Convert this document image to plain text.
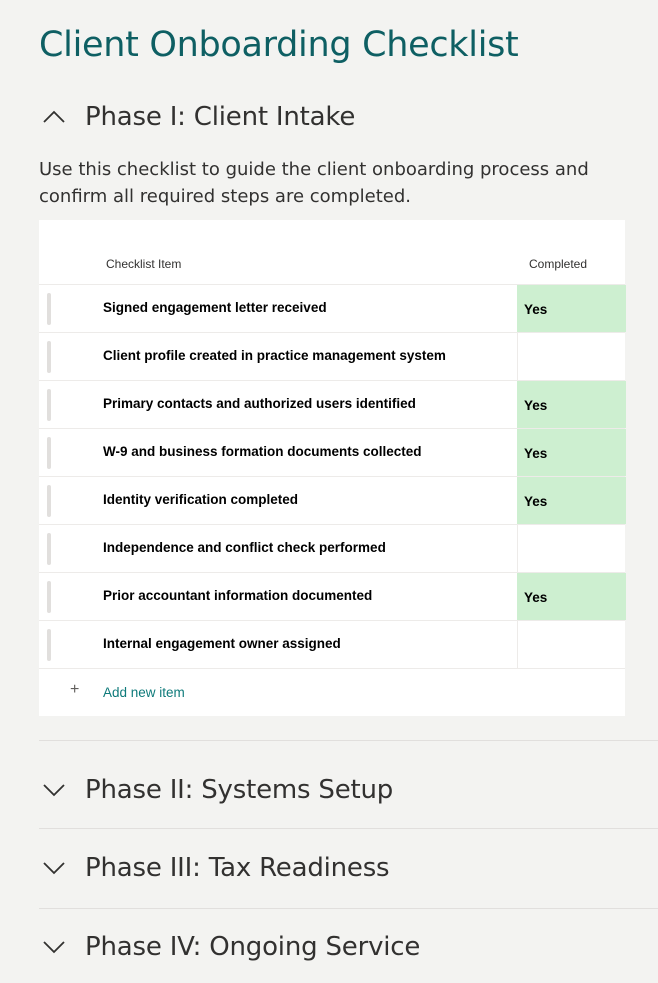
Client Onboarding Checklist
Phase I: Client Intake

Use this checklist to guide the client onboarding process and confirm all required steps are completed.

Checklist Item	Completed
Signed engagement letter received	Yes
Client profile created in practice management system
Primary contacts and authorized users identified	Yes
W-9 and business formation documents collected	Yes
Identity verification completed	Yes
Independence and conflict check performed
Prior accountant information documented	Yes
Internal engagement owner assigned
+ Add new item
Phase II: Systems Setup
Phase III: Tax Readiness
Phase IV: Ongoing Service
